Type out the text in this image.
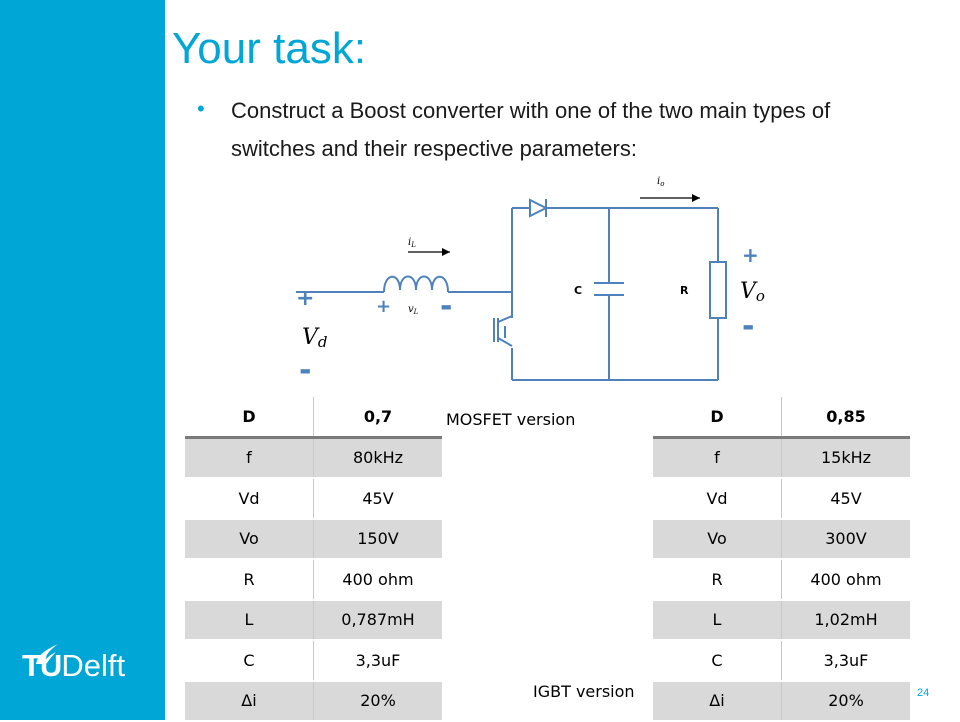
TUDelft
Your task:
• Construct a Boost converter with one of the two main types of switches and their respective parameters:
$i_L$
$v_L$
$i_o$
Vd
Vo
C	R
+
-
+ -
+
-
MOSFET version
IGBT version
D	0,7
f	80kHz
Vd	45V
Vo	150V
R	400 ohm
L	0,787mH
C	3,3uF
Δi	20%
D	0,85
f	15kHz
Vd	45V
Vo	300V
R	400 ohm
L	1,02mH
C	3,3uF
Δi	20%	24
